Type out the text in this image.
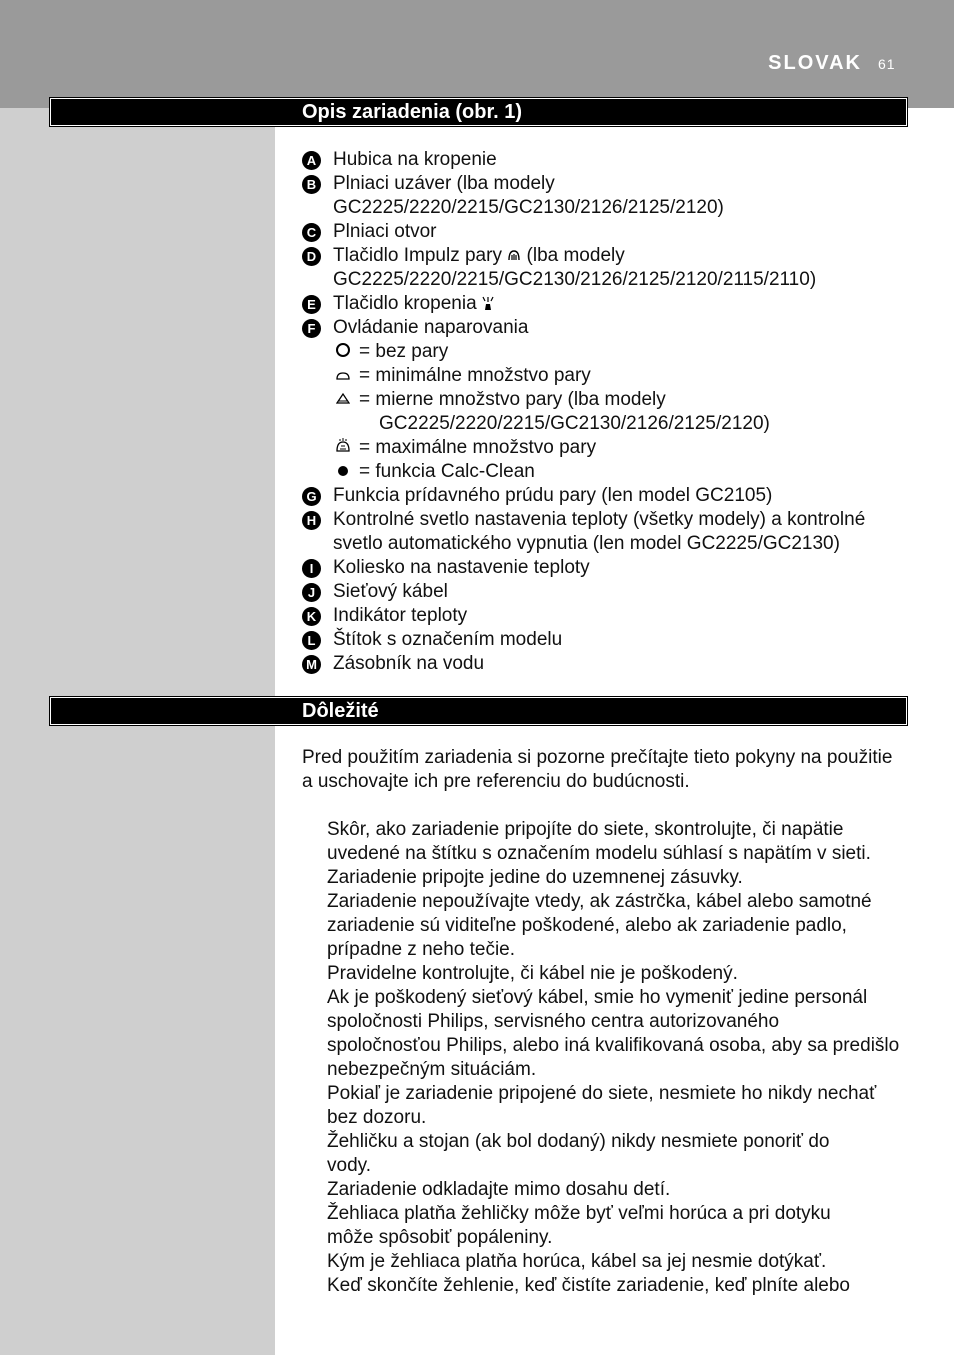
SLOVAK 61
Opis zariadenia (obr. 1)
A Hubica na kropenie
B Plniaci uzáver (lba modely
GC2225/2220/2215/GC2130/2126/2125/2120)
C Plniaci otvor
D Tlačidlo Impulz pary (lba modely
GC2225/2220/2215/GC2130/2126/2125/2120/2115/2110)
E Tlačidlo kropenia
F Ovládanie naparovania
= bez pary
= minimálne množstvo pary
= mierne množstvo pary (lba modely
GC2225/2220/2215/GC2130/2126/2125/2120)
= maximálne množstvo pary
= funkcia Calc-Clean
G Funkcia prídavného prúdu pary (len model GC2105)
H Kontrolné svetlo nastavenia teploty (všetky modely) a kontrolné
svetlo automatického vypnutia (len model GC2225/GC2130)
I	Koliesko na nastavenie teploty
J Sieťový kábel
K Indikátor teploty
L Štítok s označením modelu
M Zásobník na vodu
Dôležité
Pred použitím zariadenia si pozorne prečítajte tieto pokyny na použitie
a uschovajte ich pre referenciu do budúcnosti.
Skôr, ako zariadenie pripojíte do siete, skontrolujte, či napätie
uvedené na štítku s označením modelu súhlasí s napätím v sieti.
Zariadenie pripojte jedine do uzemnenej zásuvky.
Zariadenie nepoužívajte vtedy, ak zástrčka, kábel alebo samotné
zariadenie sú viditeľne poškodené, alebo ak zariadenie padlo,
prípadne z neho tečie.
Pravidelne kontrolujte, či kábel nie je poškodený.
Ak je poškodený sieťový kábel, smie ho vymeniť jedine personál
spoločnosti Philips, servisného centra autorizovaného
spoločnosťou Philips, alebo iná kvalifikovaná osoba, aby sa predišlo
nebezpečným situáciám.
Pokiaľ je zariadenie pripojené do siete, nesmiete ho nikdy nechať
bez dozoru.
Žehličku a stojan (ak bol dodaný) nikdy nesmiete ponoriť do
vody.
Zariadenie odkladajte mimo dosahu detí.
Žehliaca platňa žehličky môže byť veľmi horúca a pri dotyku
môže spôsobiť popáleniny.
Kým je žehliaca platňa horúca, kábel sa jej nesmie dotýkať.
Keď skončíte žehlenie, keď čistíte zariadenie, keď plníte alebo
